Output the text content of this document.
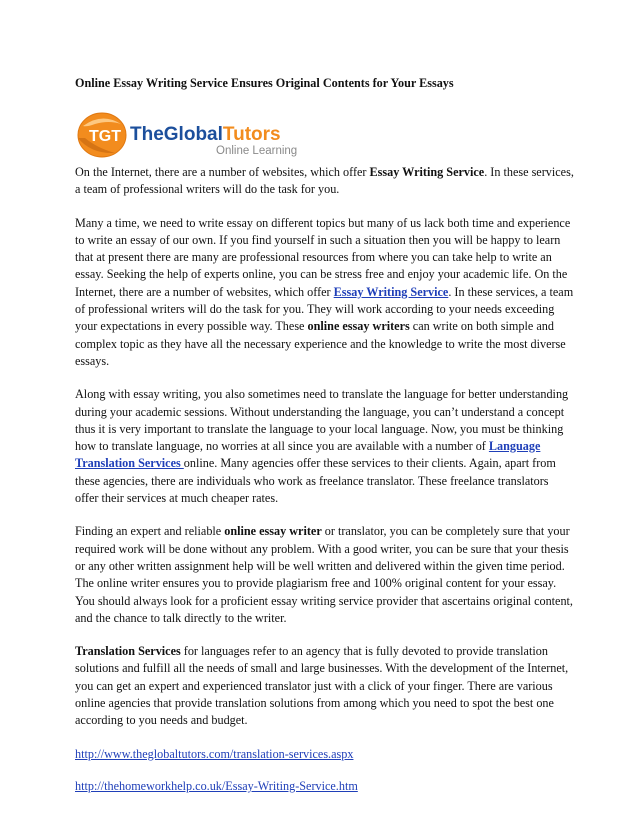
Online Essay Writing Service Ensures Original Contents for Your Essays
TGT TheGlobalTutors
Online Learning

On the Internet, there are a number of websites, which offer Essay Writing Service. In these services, a team of professional writers will do the task for you.

Many a time, we need to write essay on different topics but many of us lack both time and experience to write an essay of our own. If you find yourself in such a situation then you will be happy to learn that at present there are many are professional resources from where you can take help to write an essay. Seeking the help of experts online, you can be stress free and enjoy your academic life. On the Internet, there are a number of websites, which offer Essay Writing Service. In these services, a team of professional writers will do the task for you. They will work according to your needs exceeding your expectations in every possible way. These online essay writers can write on both simple and complex topic as they have all the necessary experience and the knowledge to write the most diverse essays.

Along with essay writing, you also sometimes need to translate the language for better understanding during your academic sessions. Without understanding the language, you can’t understand a concept thus it is very important to translate the language to your local language. Now, you must be thinking how to translate language, no worries at all since you are available with a number of Language Translation Services online. Many agencies offer these services to their clients. Again, apart from these agencies, there are individuals who work as freelance translator. These freelance translators offer their services at much cheaper rates.

Finding an expert and reliable online essay writer or translator, you can be completely sure that your required work will be done without any problem. With a good writer, you can be sure that your thesis or any other written assignment help will be well written and delivered within the given time period. The online writer ensures you to provide plagiarism free and 100% original content for your essay. You should always look for a proficient essay writing service provider that ascertains original content, and the chance to talk directly to the writer.

Translation Services for languages refer to an agency that is fully devoted to provide translation solutions and fulfill all the needs of small and large businesses. With the development of the Internet, you can get an expert and experienced translator just with a click of your finger. There are various online agencies that provide translation solutions from among which you need to spot the best one according to you needs and budget.

http://www.theglobaltutors.com/translation-services.aspx

http://thehomeworkhelp.co.uk/Essay-Writing-Service.htm
